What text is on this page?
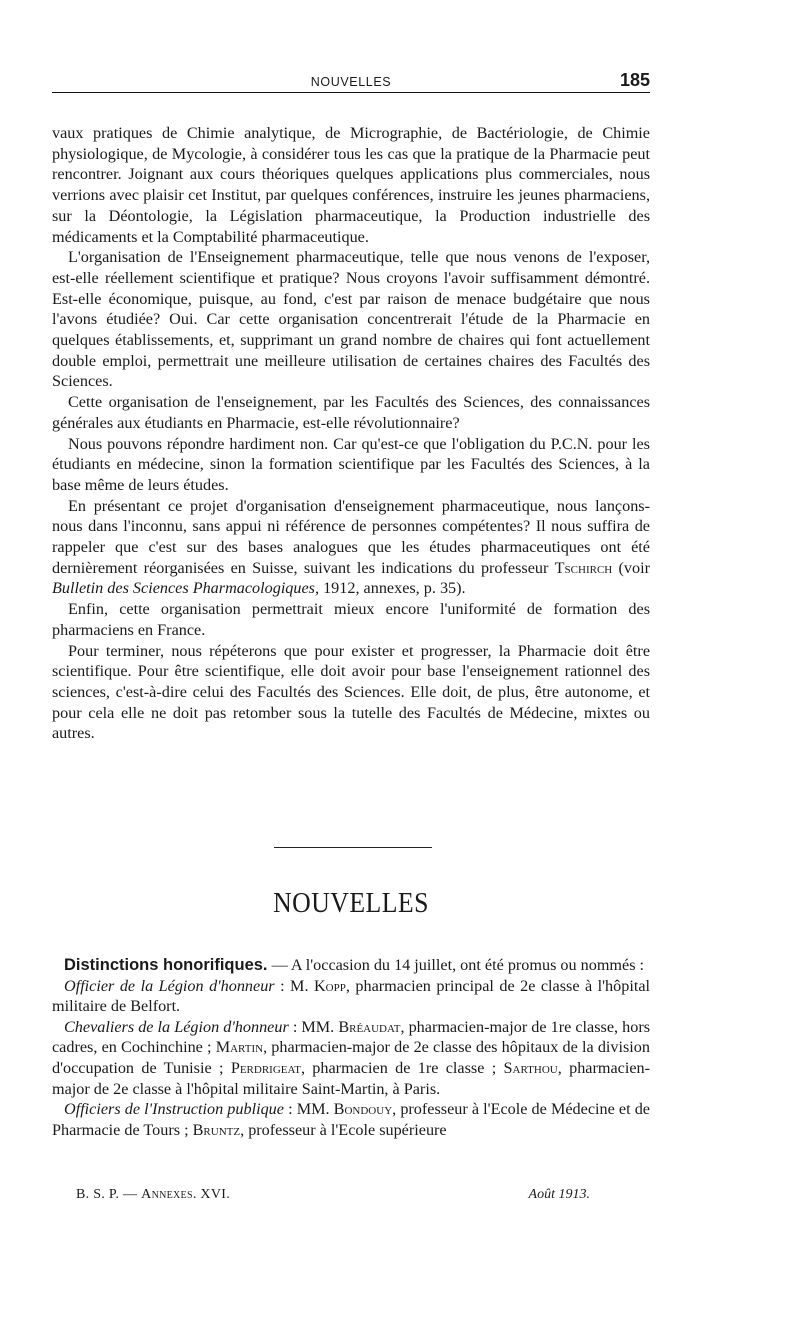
NOUVELLES	185

vaux pratiques de Chimie analytique, de Micrographie, de Bactériologie, de Chimie physiologique, de Mycologie, à considérer tous les cas que la pratique de la Pharmacie peut rencontrer. Joignant aux cours théoriques quelques applications plus commerciales, nous verrions avec plaisir cet Institut, par quelques conférences, instruire les jeunes pharmaciens, sur la Déontologie, la Législation pharmaceutique, la Production industrielle des médicaments et la Comptabilité pharmaceutique.

L'organisation de l'Enseignement pharmaceutique, telle que nous venons de l'exposer, est-elle réellement scientifique et pratique? Nous croyons l'avoir suffisamment démontré. Est-elle économique, puisque, au fond, c'est par raison de menace budgétaire que nous l'avons étudiée? Oui. Car cette organisation concentrerait l'étude de la Pharmacie en quelques établissements, et, supprimant un grand nombre de chaires qui font actuellement double emploi, permettrait une meilleure utilisation de certaines chaires des Facultés des Sciences.

Cette organisation de l'enseignement, par les Facultés des Sciences, des connaissances générales aux étudiants en Pharmacie, est-elle révolutionnaire?

Nous pouvons répondre hardiment non. Car qu'est-ce que l'obligation du P.C.N. pour les étudiants en médecine, sinon la formation scientifique par les Facultés des Sciences, à la base même de leurs études.

En présentant ce projet d'organisation d'enseignement pharmaceutique, nous lançons-nous dans l'inconnu, sans appui ni référence de personnes compétentes? Il nous suffira de rappeler que c'est sur des bases analogues que les études pharmaceutiques ont été dernièrement réorganisées en Suisse, suivant les indications du professeur Tschirch (voir Bulletin des Sciences Pharmacologiques, 1912, annexes, p. 35).

Enfin, cette organisation permettrait mieux encore l'uniformité de formation des pharmaciens en France.

Pour terminer, nous répéterons que pour exister et progresser, la Pharmacie doit être scientifique. Pour être scientifique, elle doit avoir pour base l'enseignement rationnel des sciences, c'est-à-dire celui des Facultés des Sciences. Elle doit, de plus, être autonome, et pour cela elle ne doit pas retomber sous la tutelle des Facultés de Médecine, mixtes ou autres.

NOUVELLES

Distinctions honorifiques. — A l'occasion du 14 juillet, ont été promus ou nommés :

Officier de la Légion d'honneur : M. Kopp, pharmacien principal de 2e classe à l'hôpital militaire de Belfort.

Chevaliers de la Légion d'honneur : MM. Bréaudat, pharmacien-major de 1re classe, hors cadres, en Cochinchine ; Martin, pharmacien-major de 2e classe des hôpitaux de la division d'occupation de Tunisie ; Perdrigeat, pharmacien de 1re classe ; Sarthou, pharmacien-major de 2e classe à l'hôpital militaire Saint-Martin, à Paris.

Officiers de l'Instruction publique : MM. Bondouy, professeur à l'Ecole de Médecine et de Pharmacie de Tours ; Bruntz, professeur à l'Ecole supérieure

B. S. P. — Annexes. XVI.	Août 1913.
